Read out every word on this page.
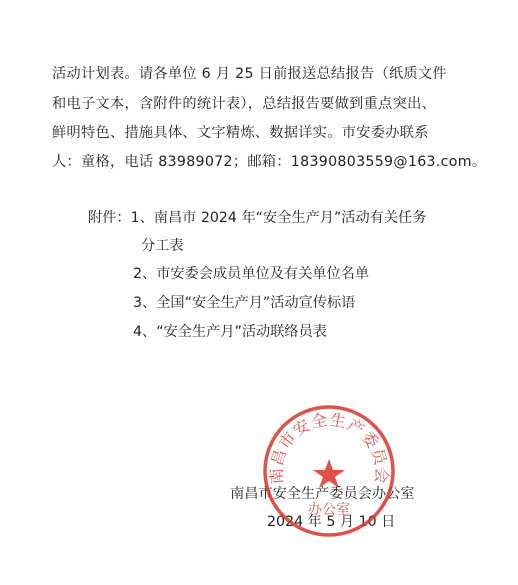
活动计划表。请各单位 6 月 25 日前报送总结报告（纸质文件
和电子文本，含附件的统计表），总结报告要做到重点突出、
鲜明特色、措施具体、文字精炼、数据详实。市安委办联系
人：童格，电话 83989072；邮箱：18390803559@163.com。
附件：1、南昌市 2024 年“安全生产月”活动有关任务
分工表
2、市安委会成员单位及有关单位名单
3、全国“安全生产月”活动宣传标语
4、“安全生产月”活动联络员表
南昌市安全生产委员会办公室
2024 年 5 月 10 日
南昌市安全生产委员会
办公室
